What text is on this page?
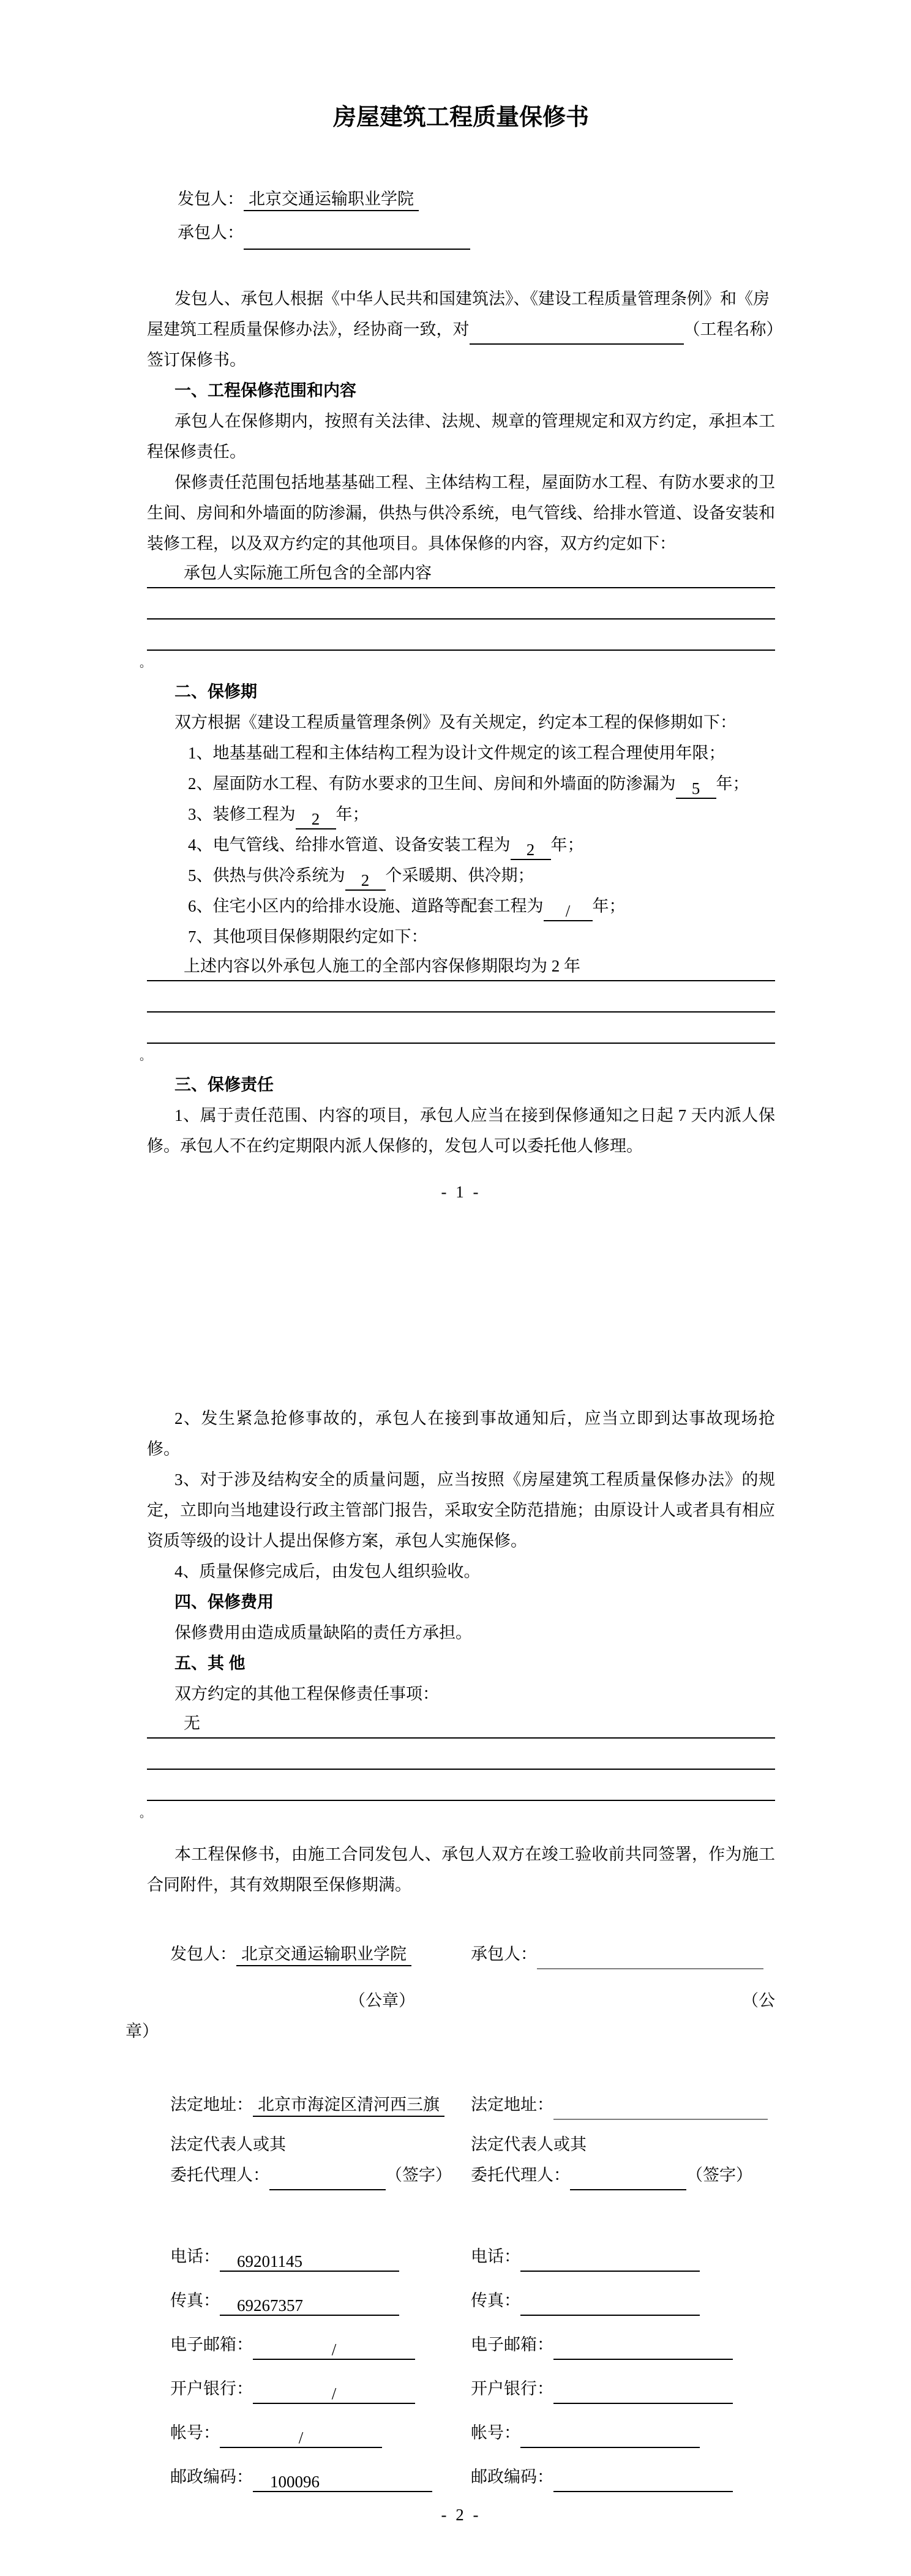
房屋建筑工程质量保修书

发包人： 北京交通运输职业学院

承包人：

发包人、承包人根据《中华人民共和国建筑法》、《建设工程质量管理条例》和《房屋建筑工程质量保修办法》，经协商一致，对	（工程名称）签订保修书。

一、工程保修范围和内容

承包人在保修期内，按照有关法律、法规、规章的管理规定和双方约定，承担本工程保修责任。

保修责任范围包括地基基础工程、主体结构工程，屋面防水工程、有防水要求的卫生间、房间和外墙面的防渗漏，供热与供冷系统，电气管线、给排水管道、设备安装和装修工程，以及双方约定的其他项目。具体保修的内容，双方约定如下：

承包人实际施工所包含的全部内容

。

二、保修期

双方根据《建设工程质量管理条例》及有关规定，约定本工程的保修期如下：

1、地基基础工程和主体结构工程为设计文件规定的该工程合理使用年限；

2、屋面防水工程、有防水要求的卫生间、房间和外墙面的防渗漏为 5 年；

3、装修工程为 2 年；

4、电气管线、给排水管道、设备安装工程为 2 年；

5、供热与供冷系统为 2 个采暖期、供冷期；

6、住宅小区内的给排水设施、道路等配套工程为 / 年；

7、其他项目保修期限约定如下：

上述内容以外承包人施工的全部内容保修期限均为 2 年

。

三、保修责任

1、属于责任范围、内容的项目，承包人应当在接到保修通知之日起 7 天内派人保修。承包人不在约定期限内派人保修的，发包人可以委托他人修理。

- 1 -

2、发生紧急抢修事故的，承包人在接到事故通知后，应当立即到达事故现场抢修。

3、对于涉及结构安全的质量问题，应当按照《房屋建筑工程质量保修办法》的规定，立即向当地建设行政主管部门报告，采取安全防范措施；由原设计人或者具有相应资质等级的设计人提出保修方案，承包人实施保修。

4、质量保修完成后，由发包人组织验收。

四、保修费用

保修费用由造成质量缺陷的责任方承担。

五、其 他

双方约定的其他工程保修责任事项：

无

。

本工程保修书，由施工合同发包人、承包人双方在竣工验收前共同签署，作为施工合同附件，其有效期限至保修期满。

发包人： 北京交通运输职业学院	承包人：
（公章）	（公

章）

法定地址： 北京市海淀区清河西三旗	法定地址：
法定代表人或其	法定代表人或其
委托代理人：	（签字）	委托代理人：	（签字）
电话： 69201145	电话：
传真： 69267357	传真：
电子邮箱：	/	电子邮箱：
开户银行：	/	开户银行：
帐号：	/	帐号：
邮政编码： 100096	邮政编码：

- 2 -
